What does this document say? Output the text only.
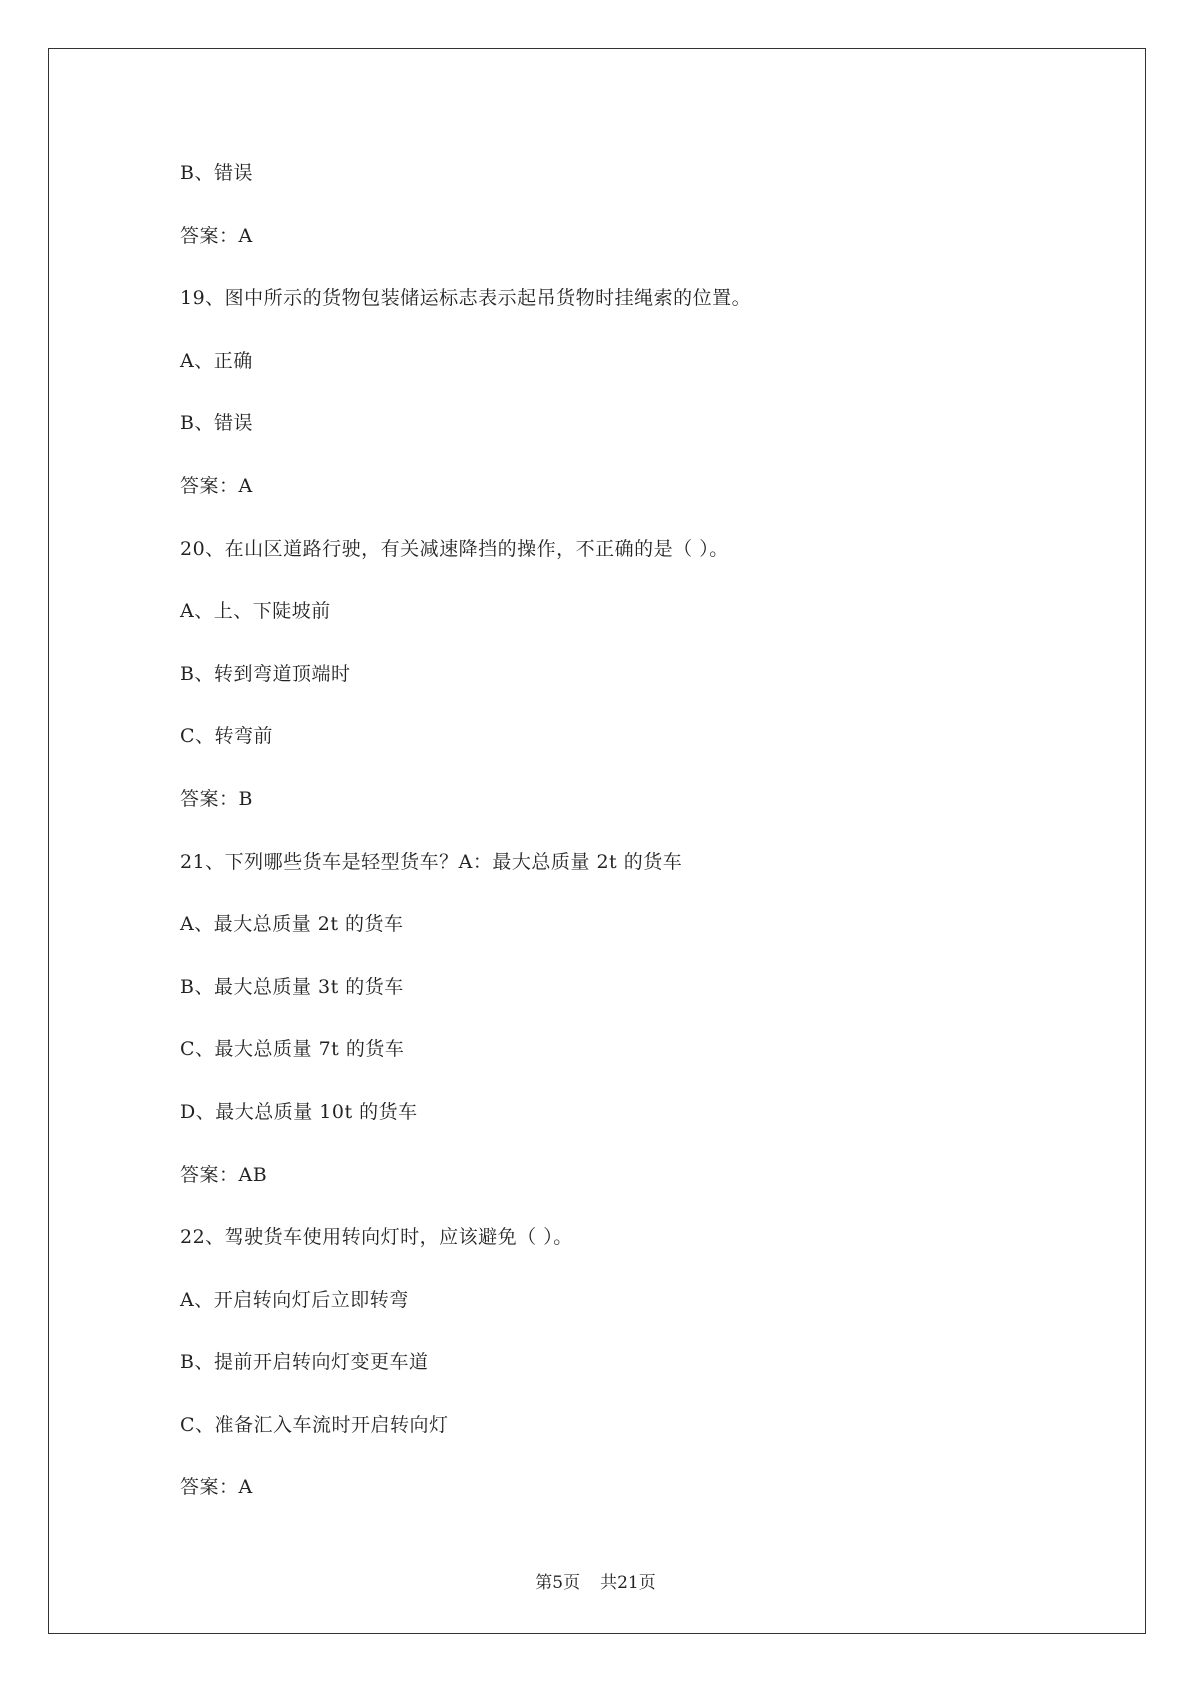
B、错误
答案：A
19、图中所示的货物包装储运标志表示起吊货物时挂绳索的位置。
A、正确
B、错误
答案：A
20、在山区道路行驶，有关减速降挡的操作，不正确的是（ ）。
A、上、下陡坡前
B、转到弯道顶端时
C、转弯前
答案：B
21、下列哪些货车是轻型货车？A：最大总质量 2t 的货车
A、最大总质量 2t 的货车
B、最大总质量 3t 的货车
C、最大总质量 7t 的货车
D、最大总质量 10t 的货车
答案：AB
22、驾驶货车使用转向灯时，应该避免（ ）。
A、开启转向灯后立即转弯
B、提前开启转向灯变更车道
C、准备汇入车流时开启转向灯
答案：A
第5页 共21页
